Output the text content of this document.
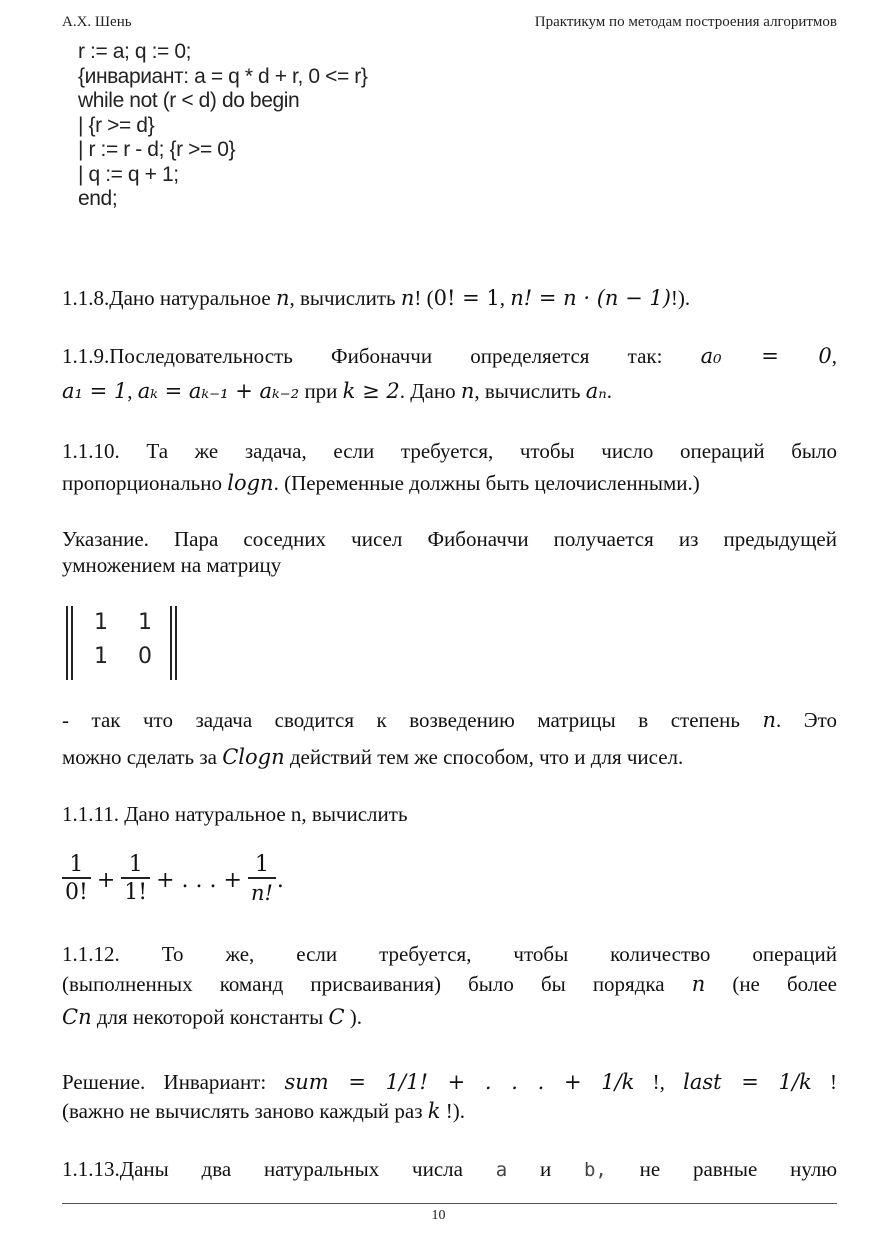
А.Х. Шень	Практикум по методам построения алгоритмов
r := a; q := 0;
{инвариант: a = q * d + r, 0 <= r}
while not (r < d) do begin
| {r >= d}
| r := r - d; {r >= 0}
| q := q + 1;
end;
1.1.8.Дано натуральное n, вычислить n! (0! = 1, n! = n · (n − 1)!).
1.1.9.Последовательность Фибоначчи определяется так: a₀ = 0,
a₁ = 1, aₖ = aₖ₋₁ + aₖ₋₂ при k ≥ 2. Дано n, вычислить aₙ.
1.1.10. Та же задача, если требуется, чтобы число операций было
пропорционально logn. (Переменные должны быть целочисленными.)
Указание. Пара соседних чисел Фибоначчи получается из предыдущей
умножением на матрицу
1 1
1 0
- так что задача сводится к возведению матрицы в степень n. Это
можно сделать за Clogn действий тем же способом, что и для чисел.
1.1.11. Дано натуральное n, вычислить
$\frac{1}{0!} + \frac{1}{1!}$ + . . . + $\frac{1}{n!}$ .
1.1.12. То же, если требуется, чтобы количество операций
(выполненных команд присваивания) было бы порядка n (не более
Cn для некоторой константы C ).
Решение. Инвариант: sum = 1/1! + . . . + 1/k !, last = 1/k !
(важно не вычислять заново каждый раз k !).
1.1.13.Даны два натуральных числа a и b, не равные нулю
10
